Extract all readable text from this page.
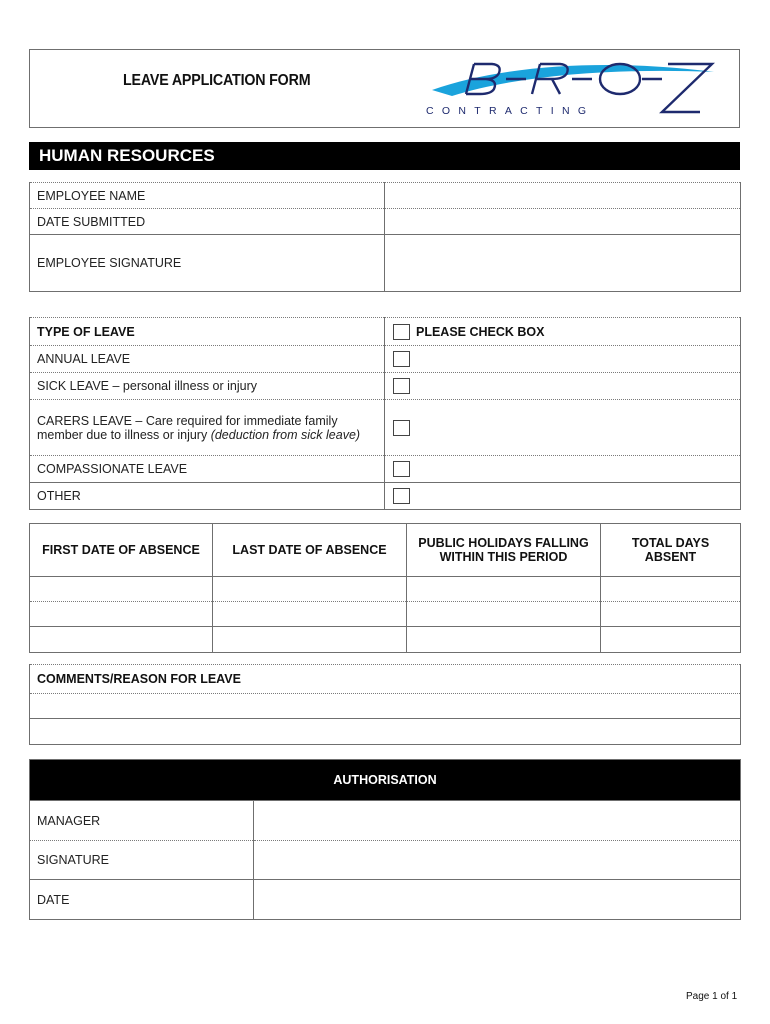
LEAVE APPLICATION FORM
CONTRACTING
HUMAN RESOURCES
EMPLOYEE NAME	
DATE SUBMITTED	
EMPLOYEE SIGNATURE	
TYPE OF LEAVE	PLEASE CHECK BOX
ANNUAL LEAVE	
SICK LEAVE – personal illness or injury	
CARERS LEAVE – Care required for immediate family
member due to illness or injury (deduction from sick leave)	
COMPASSIONATE LEAVE	
OTHER	
FIRST DATE OF ABSENCE	LAST DATE OF ABSENCE	PUBLIC HOLIDAYS FALLING
WITHIN THIS PERIOD	TOTAL DAYS
ABSENT

COMMENTS/REASON FOR LEAVE

AUTHORISATION	
MANAGER	
SIGNATURE	
DATE	
Page 1 of 1
